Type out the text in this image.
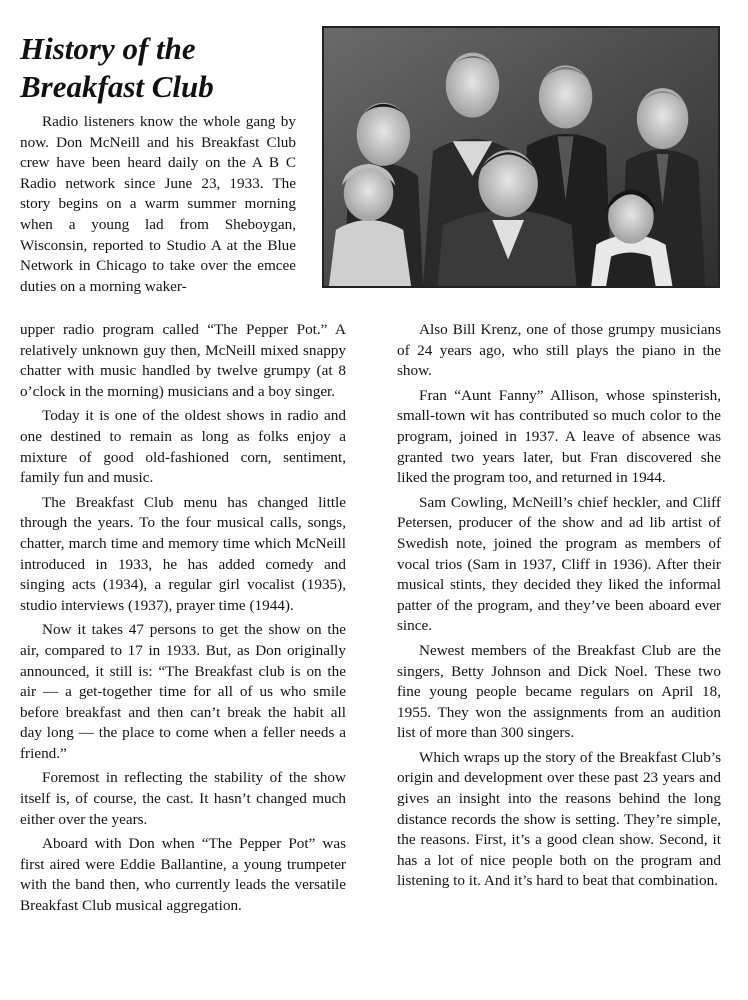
History of the Breakfast Club

Radio listeners know the whole gang by now. Don McNeill and his Breakfast Club crew have been heard daily on the A B C Radio network since June 23, 1933. The story begins on a warm summer morning when a young lad from Sheboygan, Wisconsin, reported to Studio A at the Blue Network in Chicago to take over the emcee duties on a morning waker-

upper radio program called “The Pepper Pot.” A relatively unknown guy then, McNeill mixed snappy chatter with music handled by twelve grumpy (at 8 o’clock in the morning) musicians and a boy singer.

Today it is one of the oldest shows in radio and one destined to remain as long as folks enjoy a mixture of good old-fashioned corn, sentiment, family fun and music.

The Breakfast Club menu has changed little through the years. To the four musical calls, songs, chatter, march time and memory time which McNeill introduced in 1933, he has added comedy and singing acts (1934), a regular girl vocalist (1935), studio interviews (1937), prayer time (1944).

Now it takes 47 persons to get the show on the air, compared to 17 in 1933. But, as Don originally announced, it still is: “The Breakfast club is on the air — a get-together time for all of us who smile before breakfast and then can’t break the habit all day long — the place to come when a feller needs a friend.”

Foremost in reflecting the stability of the show itself is, of course, the cast. It hasn’t changed much either over the years.

Aboard with Don when “The Pepper Pot” was first aired were Eddie Ballantine, a young trumpeter with the band then, who currently leads the versatile Breakfast Club musical aggregation.

Also Bill Krenz, one of those grumpy musicians of 24 years ago, who still plays the piano in the show.

Fran “Aunt Fanny” Allison, whose spinsterish, small-town wit has contributed so much color to the program, joined in 1937. A leave of absence was granted two years later, but Fran discovered she liked the program too, and returned in 1944.

Sam Cowling, McNeill’s chief heckler, and Cliff Petersen, producer of the show and ad lib artist of Swedish note, joined the program as members of vocal trios (Sam in 1937, Cliff in 1936). After their musical stints, they decided they liked the informal patter of the program, and they’ve been aboard ever since.

Newest members of the Breakfast Club are the singers, Betty Johnson and Dick Noel. These two fine young people became regulars on April 18, 1955. They won the assignments from an audition list of more than 300 singers.

Which wraps up the story of the Breakfast Club’s origin and development over these past 23 years and gives an insight into the reasons behind the long distance records the show is setting. They’re simple, the reasons. First, it’s a good clean show. Second, it has a lot of nice people both on the program and listening to it. And it’s hard to beat that combination.
